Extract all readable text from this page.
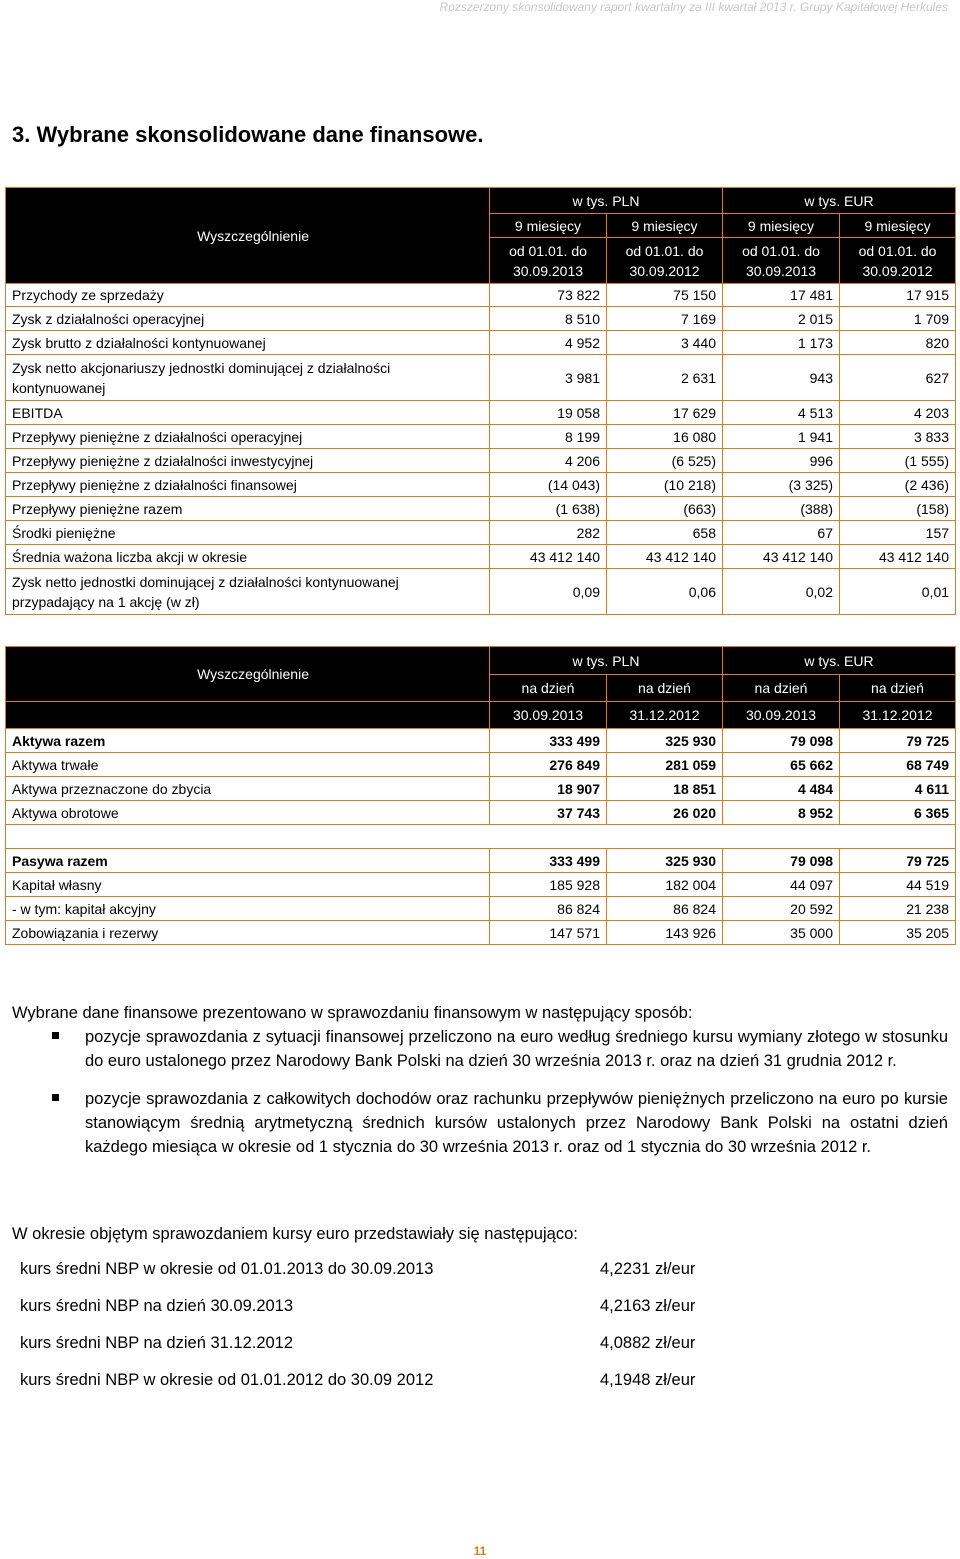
Rozszerzony skonsolidowany raport kwartalny za III kwartał 2013 r. Grupy Kapitałowej Herkules
3. Wybrane skonsolidowane dane finansowe.
Wyszczególnienie	w tys. PLN		w tys. EUR	
	9 miesięcy	9 miesięcy	9 miesięcy	9 miesięcy
	od 01.01. do 30.09.2013	od 01.01. do 30.09.2012	od 01.01. do 30.09.2013	od 01.01. do 30.09.2012
Przychody ze sprzedaży	73 822	75 150	17 481	17 915
Zysk z działalności operacyjnej	8 510	7 169	2 015	1 709
Zysk brutto z działalności kontynuowanej	4 952	3 440	1 173	820
Zysk netto akcjonariuszy jednostki dominującej z działalności kontynuowanej	3 981	2 631	943	627
EBITDA	19 058	17 629	4 513	4 203
Przepływy pieniężne z działalności operacyjnej	8 199	16 080	1 941	3 833
Przepływy pieniężne z działalności inwestycyjnej	4 206	(6 525)	996	(1 555)
Przepływy pieniężne z działalności finansowej	(14 043)	(10 218)	(3 325)	(2 436)
Przepływy pieniężne razem	(1 638)	(663)	(388)	(158)
Środki pieniężne	282	658	67	157
Średnia ważona liczba akcji w okresie	43 412 140	43 412 140	43 412 140	43 412 140
Zysk netto jednostki dominującej z działalności kontynuowanej przypadający na 1 akcję (w zł)	0,09	0,06	0,02	0,01
Wyszczególnienie	w tys. PLN		w tys. EUR	
	na dzień	na dzień	na dzień	na dzień
	30.09.2013	31.12.2012	30.09.2013	31.12.2012
Aktywa razem	333 499	325 930	79 098	79 725
Aktywa trwałe	276 849	281 059	65 662	68 749
Aktywa przeznaczone do zbycia	18 907	18 851	4 484	4 611
Aktywa obrotowe	37 743	26 020	8 952	6 365

Pasywa razem	333 499	325 930	79 098	79 725
Kapitał własny	185 928	182 004	44 097	44 519
- w tym: kapitał akcyjny	86 824	86 824	20 592	21 238
Zobowiązania i rezerwy	147 571	143 926	35 000	35 205
Wybrane dane finansowe prezentowano w sprawozdaniu finansowym w następujący sposób:

pozycje sprawozdania z sytuacji finansowej przeliczono na euro według średniego kursu wymiany złotego w stosunku do euro ustalonego przez Narodowy Bank Polski na dzień 30 września 2013 r. oraz na dzień 31 grudnia 2012 r.

pozycje sprawozdania z całkowitych dochodów oraz rachunku przepływów pieniężnych przeliczono na euro po kursie stanowiącym średnią arytmetyczną średnich kursów ustalonych przez Narodowy Bank Polski na ostatni dzień każdego miesiąca w okresie od 1 stycznia do 30 września 2013 r. oraz od 1 stycznia do 30 września 2012 r.

W okresie objętym sprawozdaniem kursy euro przedstawiały się następująco:
kurs średni NBP w okresie od 01.01.2013 do 30.09.2013	4,2231 zł/eur
kurs średni NBP na dzień 30.09.2013	4,2163 zł/eur
kurs średni NBP na dzień 31.12.2012	4,0882 zł/eur
kurs średni NBP w okresie od 01.01.2012 do 30.09 2012	4,1948 zł/eur
11
